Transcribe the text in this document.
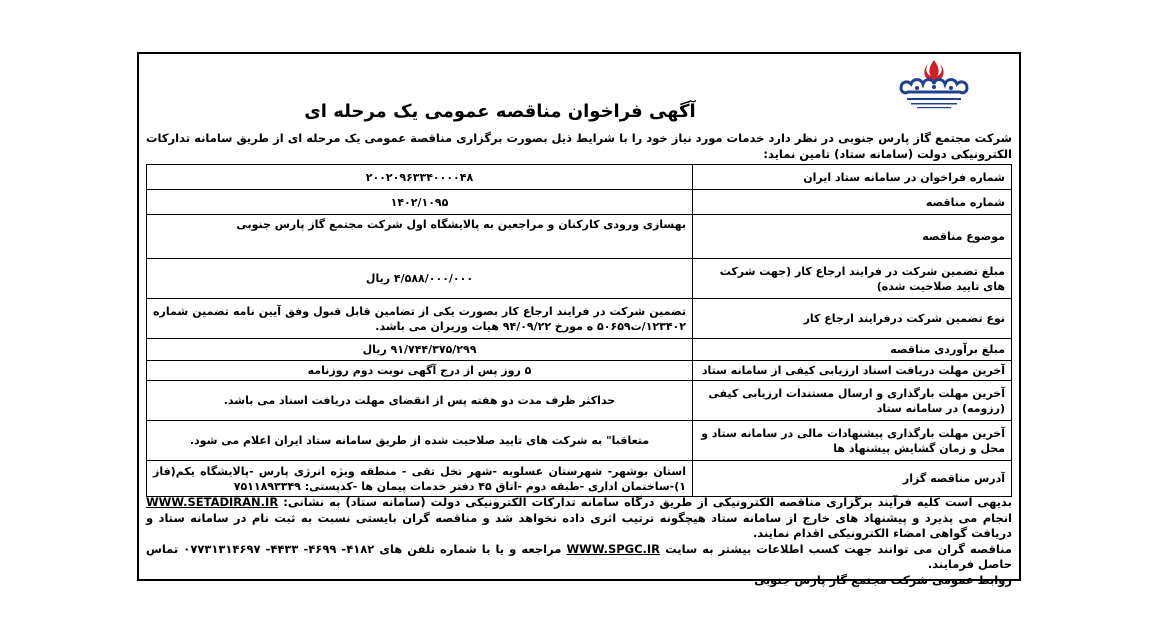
آگهی فراخوان مناقصه عمومی یک مرحله ای
شرکت مجتمع گاز پارس جنوبی در نظر دارد خدمات مورد نیاز خود را با شرایط ذیل بصورت برگزاری مناقصة عمومی یک مرحله ای از طریق سامانه تدارکات الکترونیکی دولت (سامانه ستاد) تامین نماید:
شماره فراخوان در سامانه ستاد ایران	۲۰۰۲۰۹۶۳۳۴۰۰۰۰۴۸
شماره مناقصه	۱۴۰۲/۱۰۹۵
موضوع مناقصه	بهسازی ورودی کارکنان و مراجعین به پالایشگاه اول شرکت مجتمع گاز پارس جنوبی
مبلغ تضمین شرکت در فرایند ارجاع کار (جهت شرکت های تایید صلاحیت شده)	۴/۵۸۸/۰۰۰/۰۰۰ ریال
نوع تضمین شرکت درفرایند ارجاع کار	تضمین شرکت در فرایند ارجاع کار بصورت یکی از تضامین قابل قبول وفق آیین نامه تضمین شماره ۱۲۳۴۰۲/ت۵۰۶۵۹ ه مورخ ۹۴/۰۹/۲۲ هیات وزیران می باشد.
مبلغ برآوردی مناقصه	۹۱/۷۴۴/۳۷۵/۲۹۹ ریال
آخرین مهلت دریافت اسناد ارزیابی کیفی از سامانه ستاد	۵ روز پس از درج آگهی نوبت دوم روزنامه
آخرین مهلت بارگذاری و ارسال مستندات ارزیابی کیفی (رزومه) در سامانه ستاد	حداکثر ظرف مدت دو هفته پس از انقضای مهلت دریافت اسناد می باشد.
آخرین مهلت بارگذاری پیشنهادات مالی در سامانه ستاد و محل و زمان گشایش پیشنهاد ها	متعاقبا" به شرکت های تایید صلاحیت شده از طریق سامانه ستاد ایران اعلام می شود.
آدرس مناقصه گزار	استان بوشهر- شهرستان عسلویه -شهر تخل تقی - منطقه ویژه انرژی پارس -پالایشگاه یکم(فاز ۱)-ساختمان اداری -طبقه دوم -اتاق ۴۵ دفتر خدمات پیمان ها -کدپستی: ۷۵۱۱۸۹۳۳۴۹

بدیهی است کلیه فرآیند برگزاری مناقصه الکترونیکی از طریق درگاه سامانه تدارکات الکترونیکی دولت (سامانه ستاد) به نشانی: WWW.SETADIRAN.IR انجام می پذیرد و پیشنهاد های خارج از سامانه ستاد هیچگونه ترتیب اثری داده نخواهد شد و مناقصه گران بایستی نسبت به ثبت نام در سامانه ستاد و دریافت گواهی امضاء الکترونیکی اقدام نمایند.

مناقصه گران می توانند جهت کسب اطلاعات بیشتر به سایت WWW.SPGC.IR مراجعه و یا با شماره تلفن های ۴۱۸۲- ۴۶۹۹- ۴۴۳۳- ۰۷۷۳۱۳۱۴۶۹۷ تماس حاصل فرمایند.

روابط عمومی شرکت مجتمع گاز پارس جنوبی
